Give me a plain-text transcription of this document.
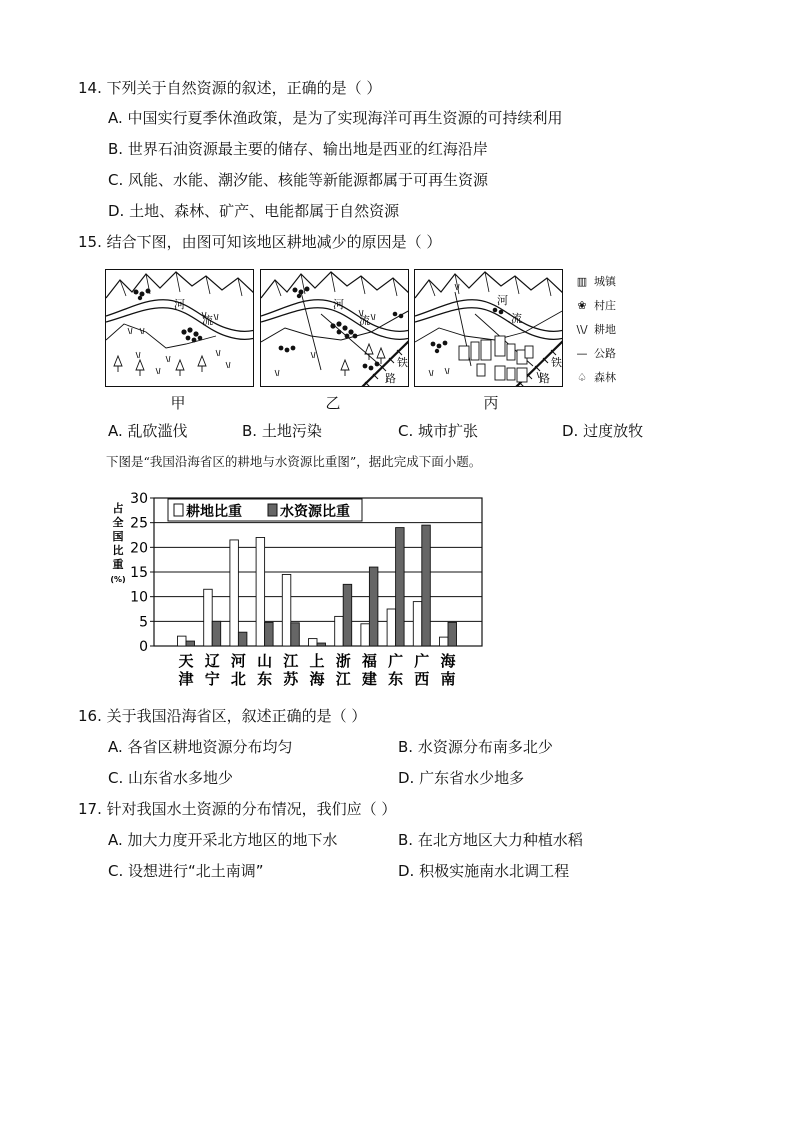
14. 下列关于自然资源的叙述，正确的是（ ）
A. 中国实行夏季休渔政策，是为了实现海洋可再生资源的可持续利用
B. 世界石油资源最主要的储存、输出地是西亚的红海沿岸
C. 风能、水能、潮汐能、核能等新能源都属于可再生资源
D. 土地、森林、矿产、电能都属于自然资源
15. 结合下图，由图可知该地区耕地减少的原因是（ ）
河
流
河
流
铁
路
河
流
铁
路
甲	乙	丙
▥ 城镇
❀ 村庄
\\/ 耕地
— 公路
♤ 森林
A. 乱砍滥伐	B. 土地污染	C. 城市扩张	D. 过度放牧
下图是“我国沿海省区的耕地与水资源比重图”，据此完成下面小题。
占
全
国
比
重
(%)
0
5
10
15
20
25
30
天
津
辽
宁
河
北
山
东
江
苏
上
海
浙
江
福
建
广
东
广
西
海
南
耕地比重	水资源比重
16. 关于我国沿海省区，叙述正确的是（ ）
A. 各省区耕地资源分布均匀	B. 水资源分布南多北少
C. 山东省水多地少	D. 广东省水少地多
17. 针对我国水土资源的分布情况，我们应（ ）
A. 加大力度开采北方地区的地下水	B. 在北方地区大力种植水稻
C. 设想进行“北土南调”	D. 积极实施南水北调工程
